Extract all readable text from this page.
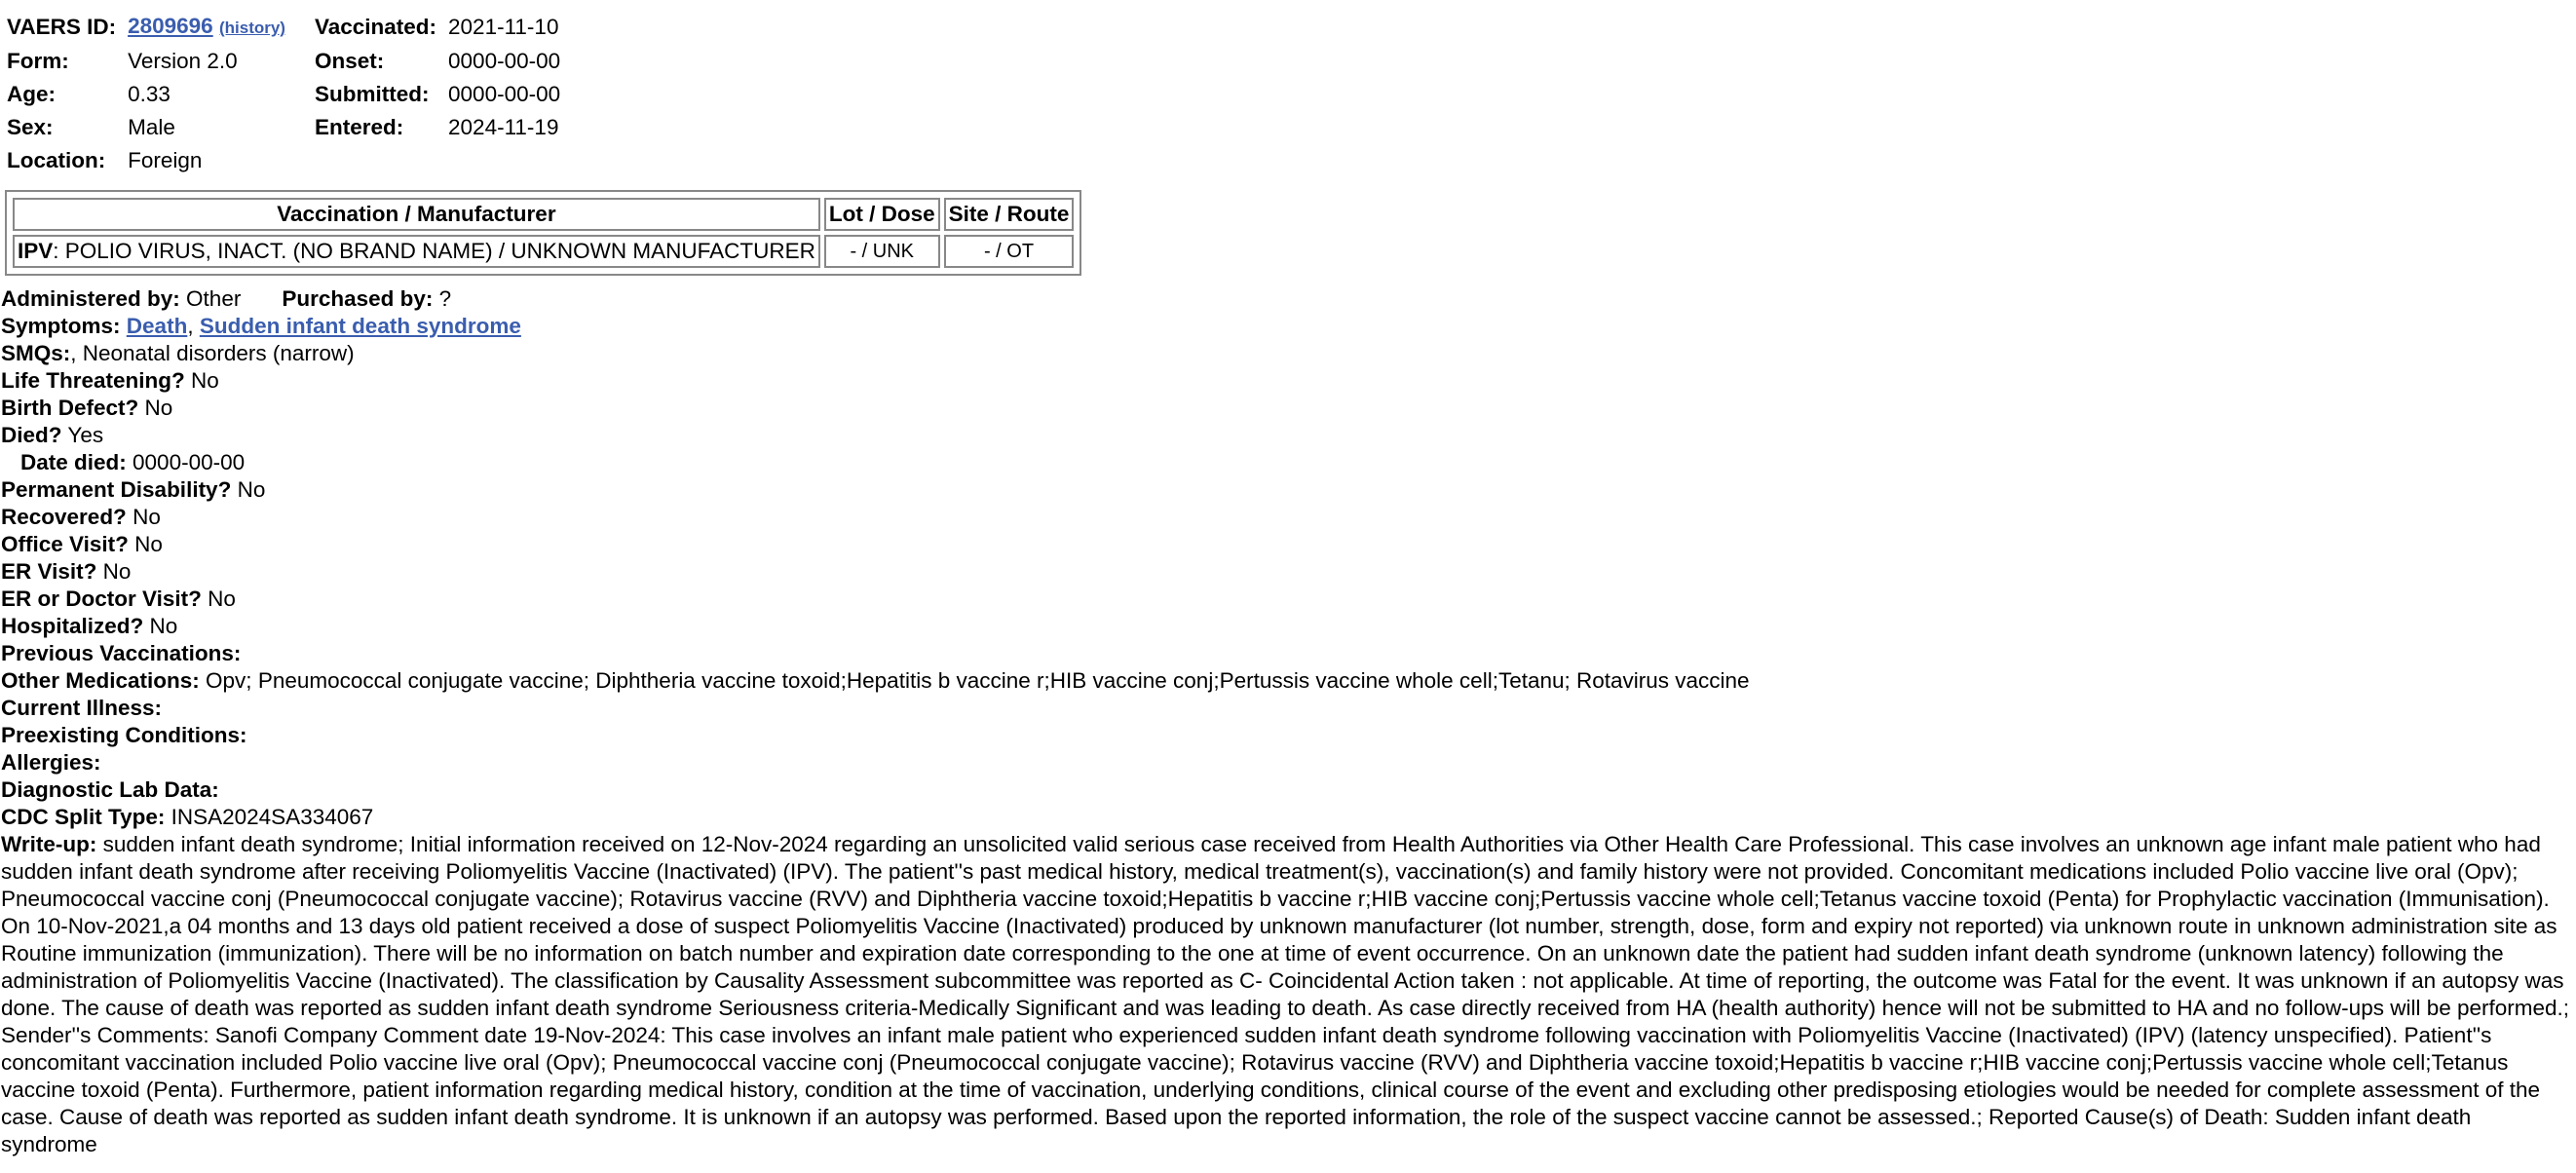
VAERS ID:	2809696 (history)	Vaccinated:	2021-11-10
Form:	Version 2.0	Onset:	0000-00-00
Age:	0.33	Submitted:	0000-00-00
Sex:	Male	Entered:	2024-11-19
Location:	Foreign		
Vaccination / Manufacturer	Lot / Dose	Site / Route
IPV: POLIO VIRUS, INACT. (NO BRAND NAME) / UNKNOWN MANUFACTURER	- / UNK	- / OT
Administered by: Other Purchased by: ?
Symptoms: Death, Sudden infant death syndrome
SMQs:, Neonatal disorders (narrow)
Life Threatening? No
Birth Defect? No
Died? Yes
Date died: 0000-00-00
Permanent Disability? No
Recovered? No
Office Visit? No
ER Visit? No
ER or Doctor Visit? No
Hospitalized? No
Previous Vaccinations:
Other Medications: Opv; Pneumococcal conjugate vaccine; Diphtheria vaccine toxoid;Hepatitis b vaccine r;HIB vaccine conj;Pertussis vaccine whole cell;Tetanu; Rotavirus vaccine
Current Illness:
Preexisting Conditions:
Allergies:
Diagnostic Lab Data:
CDC Split Type: INSA2024SA334067
Write-up: sudden infant death syndrome; Initial information received on 12-Nov-2024 regarding an unsolicited valid serious case received from Health Authorities via Other Health Care Professional. This case involves an unknown age infant male patient who had sudden infant death syndrome after receiving Poliomyelitis Vaccine (Inactivated) (IPV). The patient''s past medical history, medical treatment(s), vaccination(s) and family history were not provided. Concomitant medications included Polio vaccine live oral (Opv); Pneumococcal vaccine conj (Pneumococcal conjugate vaccine); Rotavirus vaccine (RVV) and Diphtheria vaccine toxoid;Hepatitis b vaccine r;HIB vaccine conj;Pertussis vaccine whole cell;Tetanus vaccine toxoid (Penta) for Prophylactic vaccination (Immunisation). On 10-Nov-2021,a 04 months and 13 days old patient received a dose of suspect Poliomyelitis Vaccine (Inactivated) produced by unknown manufacturer (lot number, strength, dose, form and expiry not reported) via unknown route in unknown administration site as Routine immunization (immunization). There will be no information on batch number and expiration date corresponding to the one at time of event occurrence. On an unknown date the patient had sudden infant death syndrome (unknown latency) following the administration of Poliomyelitis Vaccine (Inactivated). The classification by Causality Assessment subcommittee was reported as C- Coincidental Action taken : not applicable. At time of reporting, the outcome was Fatal for the event. It was unknown if an autopsy was done. The cause of death was reported as sudden infant death syndrome Seriousness criteria-Medically Significant and was leading to death. As case directly received from HA (health authority) hence will not be submitted to HA and no follow-ups will be performed.; Sender''s Comments: Sanofi Company Comment date 19-Nov-2024: This case involves an infant male patient who experienced sudden infant death syndrome following vaccination with Poliomyelitis Vaccine (Inactivated) (IPV) (latency unspecified). Patient''s concomitant vaccination included Polio vaccine live oral (Opv); Pneumococcal vaccine conj (Pneumococcal conjugate vaccine); Rotavirus vaccine (RVV) and Diphtheria vaccine toxoid;Hepatitis b vaccine r;HIB vaccine conj;Pertussis vaccine whole cell;Tetanus vaccine toxoid (Penta). Furthermore, patient information regarding medical history, condition at the time of vaccination, underlying conditions, clinical course of the event and excluding other predisposing etiologies would be needed for complete assessment of the case. Cause of death was reported as sudden infant death syndrome. It is unknown if an autopsy was performed. Based upon the reported information, the role of the suspect vaccine cannot be assessed.; Reported Cause(s) of Death: Sudden infant death syndrome
